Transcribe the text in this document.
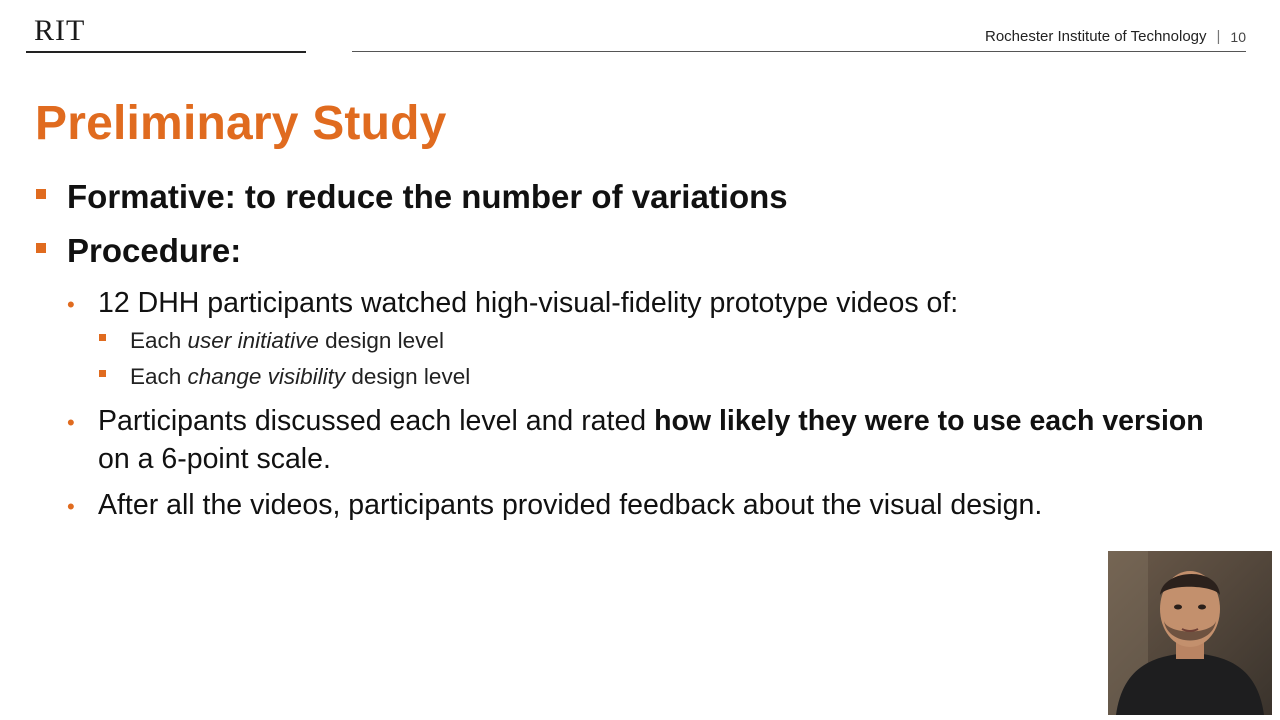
RIT	Rochester Institute of Technology | 10
Preliminary Study
Formative: to reduce the number of variations
Procedure:
• 12 DHH participants watched high-visual-fidelity prototype videos of:
Each user initiative design level
Each change visibility design level
• Participants discussed each level and rated how likely they were to use each version on a 6-point scale.
• After all the videos, participants provided feedback about the visual design.
